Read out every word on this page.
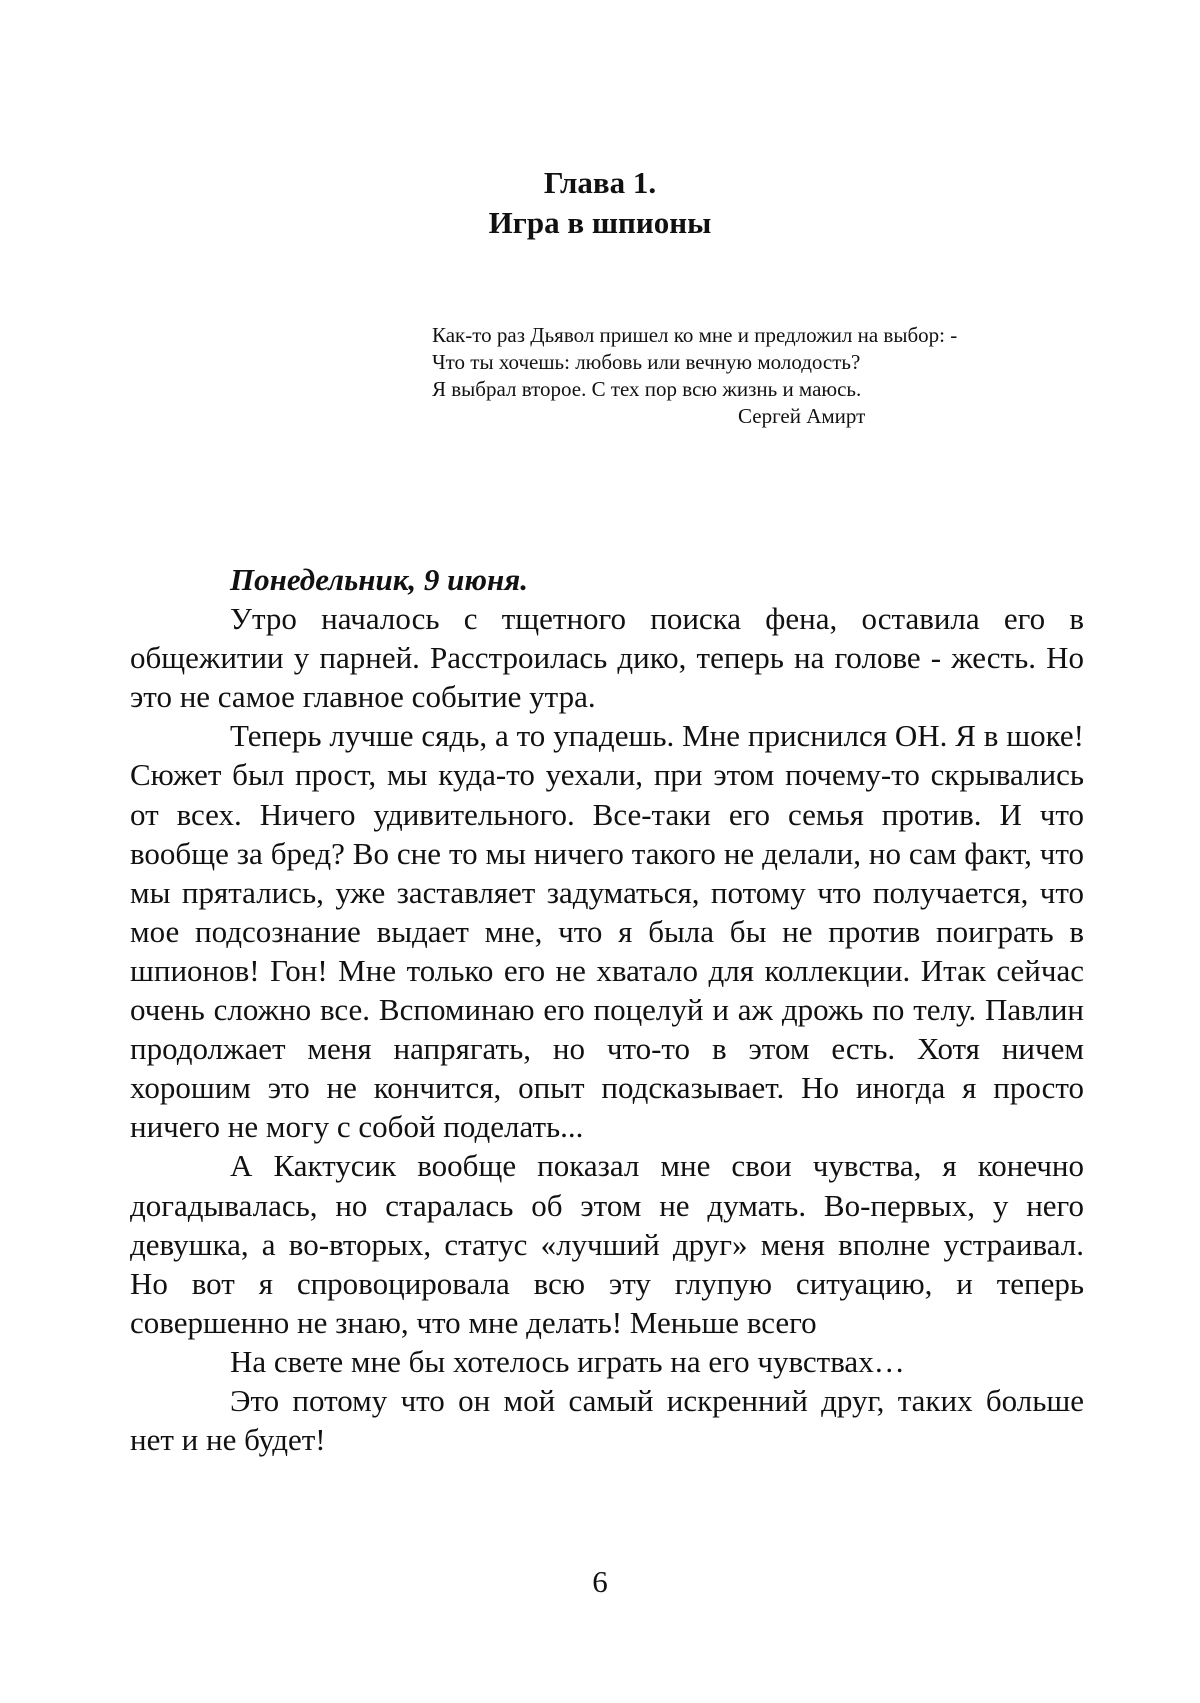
Глава 1.
Игра в шпионы
Как-то раз Дьявол пришел ко мне и предложил на выбор: -
Что ты хочешь: любовь или вечную молодость?
Я выбрал второе. С тех пор всю жизнь и маюсь.
Сергей Амирт

Понедельник, 9 июня.

Утро началось с тщетного поиска фена, оставила его в общежитии у парней. Расстроилась дико, теперь на голове - жесть. Но это не самое главное событие утра.

Теперь лучше сядь, а то упадешь. Мне приснился ОН. Я в шоке! Сюжет был прост, мы куда-то уехали, при этом почему-то скрывались от всех. Ничего удивительного. Все-таки его семья против. И что вообще за бред? Во сне то мы ничего такого не делали, но сам факт, что мы прятались, уже заставляет задуматься, потому что получается, что мое подсознание выдает мне, что я была бы не против поиграть в шпионов! Гон! Мне только его не хватало для коллекции. Итак сейчас очень сложно все. Вспоминаю его поцелуй и аж дрожь по телу. Павлин продолжает меня напрягать, но что-то в этом есть. Хотя ничем хорошим это не кончится, опыт подсказывает. Но иногда я просто ничего не могу с собой поделать...

А Кактусик вообще показал мне свои чувства, я конечно догадывалась, но старалась об этом не думать. Во-первых, у него девушка, а во-вторых, статус «лучший друг» меня вполне устраивал. Но вот я спровоцировала всю эту глупую ситуацию, и теперь совершенно не знаю, что мне делать! Меньше всего
На свете мне бы хотелось играть на его чувствах…

Это потому что он мой самый искренний друг, таких больше нет и не будет!

6
